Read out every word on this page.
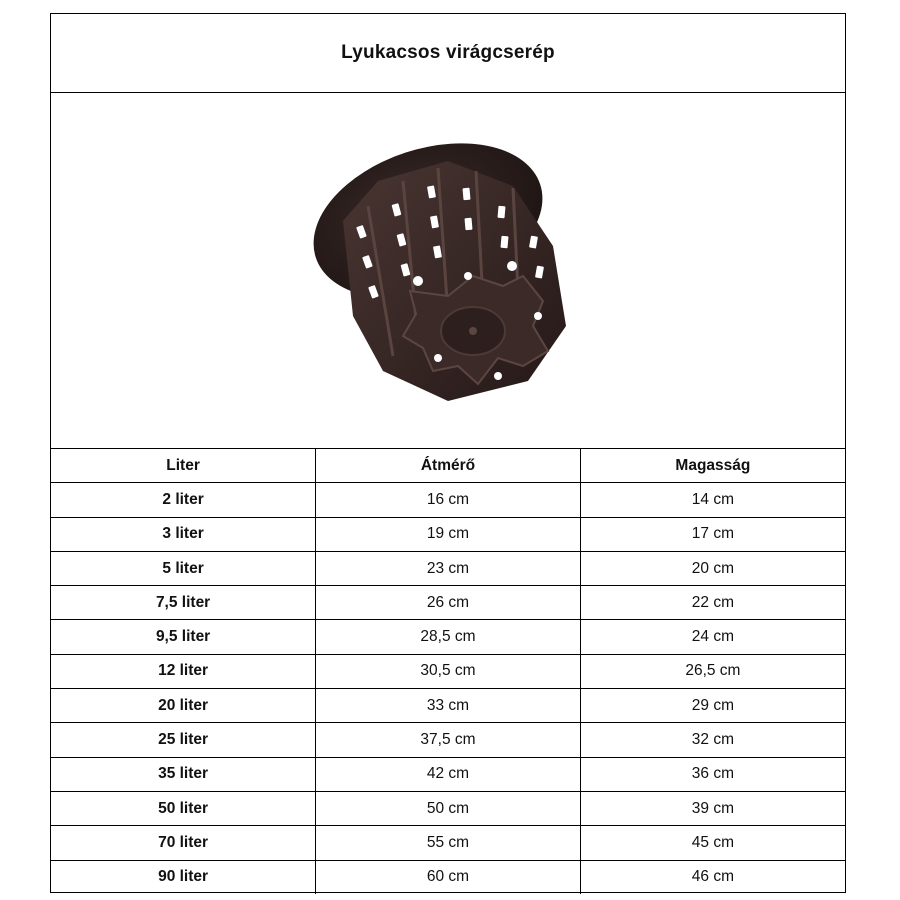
Lyukacsos virágcserép
Liter	Átmérő	Magasság
2 liter	16 cm	14 cm
3 liter	19 cm	17 cm
5 liter	23 cm	20 cm
7,5 liter	26 cm	22 cm
9,5 liter	28,5 cm	24 cm
12 liter	30,5 cm	26,5 cm
20 liter	33 cm	29 cm
25 liter	37,5 cm	32 cm
35 liter	42 cm	36 cm
50 liter	50 cm	39 cm
70 liter	55 cm	45 cm
90 liter	60 cm	46 cm
